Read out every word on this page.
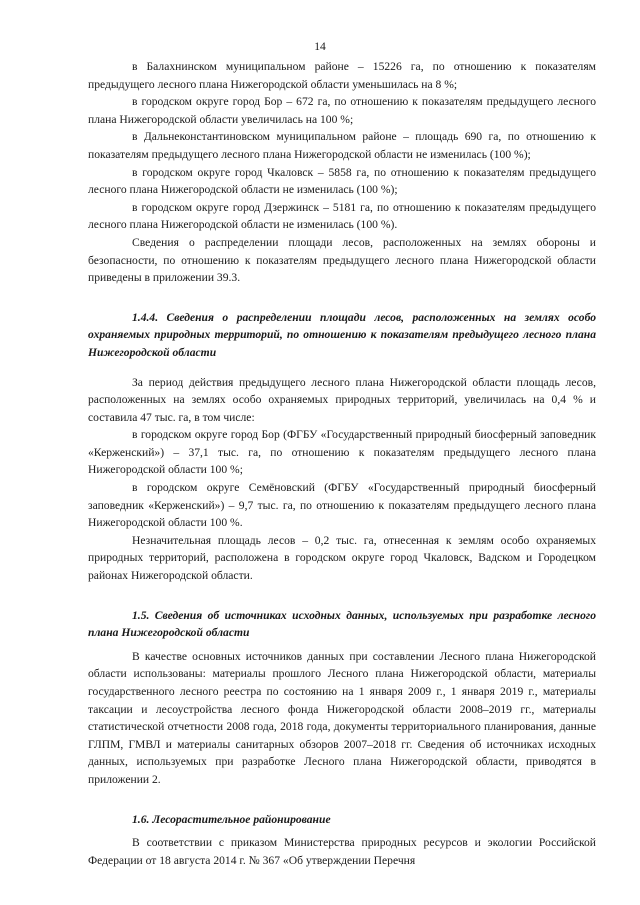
14

в Балахнинском муниципальном районе – 15226 га, по отношению к показателям предыдущего лесного плана Нижегородской области уменьшилась на 8 %;

в городском округе город Бор – 672 га, по отношению к показателям предыдущего лесного плана Нижегородской области увеличилась на 100 %;

в Дальнеконстантиновском муниципальном районе – площадь 690 га, по отношению к показателям предыдущего лесного плана Нижегородской области не изменилась (100 %);

в городском округе город Чкаловск – 5858 га, по отношению к показателям предыдущего лесного плана Нижегородской области не изменилась (100 %);

в городском округе город Дзержинск – 5181 га, по отношению к показателям предыдущего лесного плана Нижегородской области не изменилась (100 %).

Сведения о распределении площади лесов, расположенных на землях обороны и безопасности, по отношению к показателям предыдущего лесного плана Нижегородской области приведены в приложении 39.3.

1.4.4. Сведения о распределении площади лесов, расположенных на землях особо охраняемых природных территорий, по отношению к показателям предыдущего лесного плана Нижегородской области

За период действия предыдущего лесного плана Нижегородской области площадь лесов, расположенных на землях особо охраняемых природных территорий, увеличилась на 0,4 % и составила 47 тыс. га, в том числе:

в городском округе город Бор (ФГБУ «Государственный природный биосферный заповедник «Керженский») – 37,1 тыс. га, по отношению к показателям предыдущего лесного плана Нижегородской области 100 %;

в городском округе Семёновский (ФГБУ «Государственный природный биосферный заповедник «Керженский») – 9,7 тыс. га, по отношению к показателям предыдущего лесного плана Нижегородской области 100 %.

Незначительная площадь лесов – 0,2 тыс. га, отнесенная к землям особо охраняемых природных территорий, расположена в городском округе город Чкаловск, Вадском и Городецком районах Нижегородской области.

1.5. Сведения об источниках исходных данных, используемых при разработке лесного плана Нижегородской области

В качестве основных источников данных при составлении Лесного плана Нижегородской области использованы: материалы прошлого Лесного плана Нижегородской области, материалы государственного лесного реестра по состоянию на 1 января 2009 г., 1 января 2019 г., материалы таксации и лесоустройства лесного фонда Нижегородской области 2008–2019 гг., материалы статистической отчетности 2008 года, 2018 года, документы территориального планирования, данные ГЛПМ, ГМВЛ и материалы санитарных обзоров 2007–2018 гг. Сведения об источниках исходных данных, используемых при разработке Лесного плана Нижегородской области, приводятся в приложении 2.

1.6. Лесорастительное районирование

В соответствии с приказом Министерства природных ресурсов и экологии Российской Федерации от 18 августа 2014 г. № 367 «Об утверждении Перечня
